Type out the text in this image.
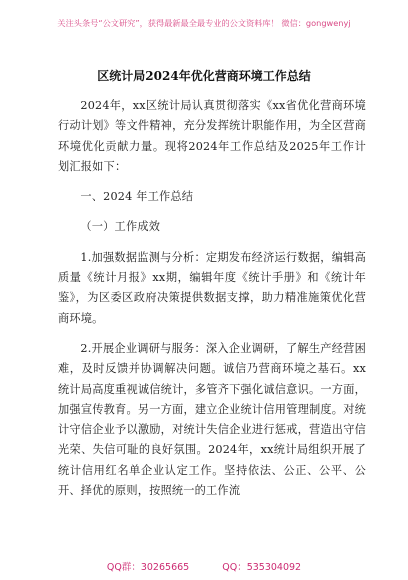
关注头条号“公文研究”，获得最新最全最专业的公文资料库！ 微信：gongwenyj
区统计局2024年优化营商环境工作总结

2024年，xx区统计局认真贯彻落实《xx省优化营商环境行动计划》等文件精神，充分发挥统计职能作用，为全区营商环境优化贡献力量。现将2024年工作总结及2025年工作计划汇报如下：

一、2024 年工作总结

（一）工作成效

1.加强数据监测与分析：定期发布经济运行数据，编辑高质量《统计月报》xx期，编辑年度《统计手册》和《统计年鉴》，为区委区政府决策提供数据支撑，助力精准施策优化营商环境。

2.开展企业调研与服务：深入企业调研，了解生产经营困难，及时反馈并协调解决问题。诚信乃营商环境之基石。xx统计局高度重视诚信统计，多管齐下强化诚信意识。一方面，加强宣传教育。另一方面，建立企业统计信用管理制度。对统计守信企业予以激励，对统计失信企业进行惩戒，营造出守信光荣、失信可耻的良好氛围。2024年，xx统计局组织开展了统计信用红名单企业认定工作。坚持依法、公正、公平、公开、择优的原则，按照统一的工作流

QQ群：30265665	QQ：535304092
